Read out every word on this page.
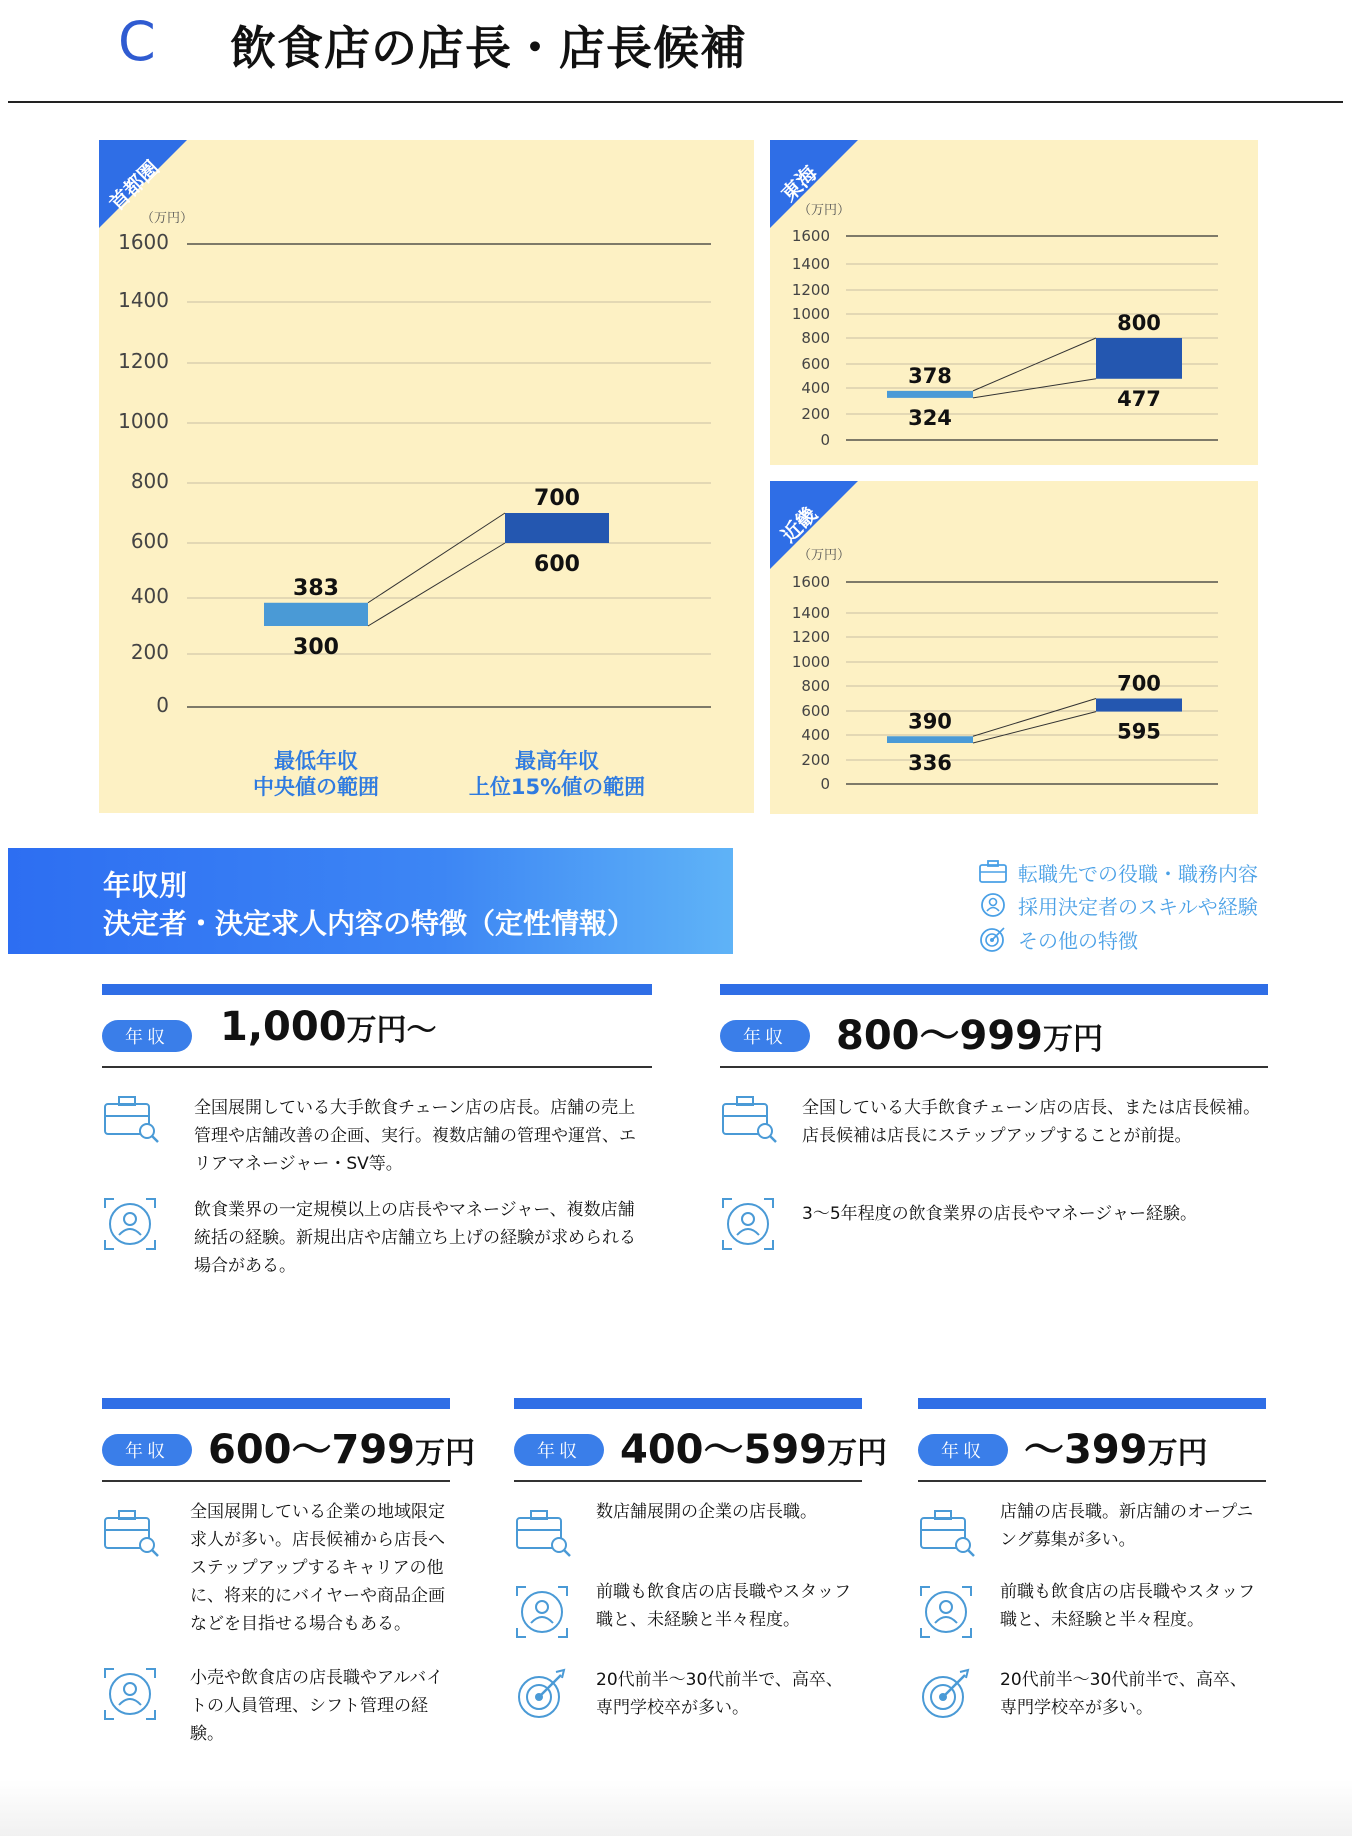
C 飲食店の店長・店長候補
首都圏
（万円）
0
200
400
600
800
1000
1200
1400
1600
383
300
700
600
最低年収
中央値の範囲
最高年収
上位15%値の範囲
東海
（万円）
0
200
400
600
800
1000
1200
1400
1600
378
324
800
477
近畿
（万円）
0
200
400
600
800
1000
1200
1400
1600
390
336
700
595
年収別
決定者・決定求人内容の特徴（定性情報）
転職先での役職・職務内容
採用決定者のスキルや経験
その他の特徴
年収	1,000万円〜
全国展開している大手飲食チェーン店の店長。店舗の売上管理や店舗改善の企画、実行。複数店舗の管理や運営、エリアマネージャー・SV等。
飲食業界の一定規模以上の店長やマネージャー、複数店舗統括の経験。新規出店や店舗立ち上げの経験が求められる場合がある。
年収	800〜999万円
全国している大手飲食チェーン店の店長、または店長候補。店長候補は店長にステップアップすることが前提。
3〜5年程度の飲食業界の店長やマネージャー経験。
年収 600〜799万円
全国展開している企業の地域限定求人が多い。店長候補から店長へステップアップするキャリアの他に、将来的にバイヤーや商品企画などを目指せる場合もある。
小売や飲食店の店長職やアルバイトの人員管理、シフト管理の経験。
年収 400〜599万円
数店舗展開の企業の店長職。
前職も飲食店の店長職やスタッフ職と、未経験と半々程度。
20代前半〜30代前半で、高卒、専門学校卒が多い。
年収 〜399万円
店舗の店長職。新店舗のオープニング募集が多い。
前職も飲食店の店長職やスタッフ職と、未経験と半々程度。
20代前半〜30代前半で、高卒、専門学校卒が多い。
